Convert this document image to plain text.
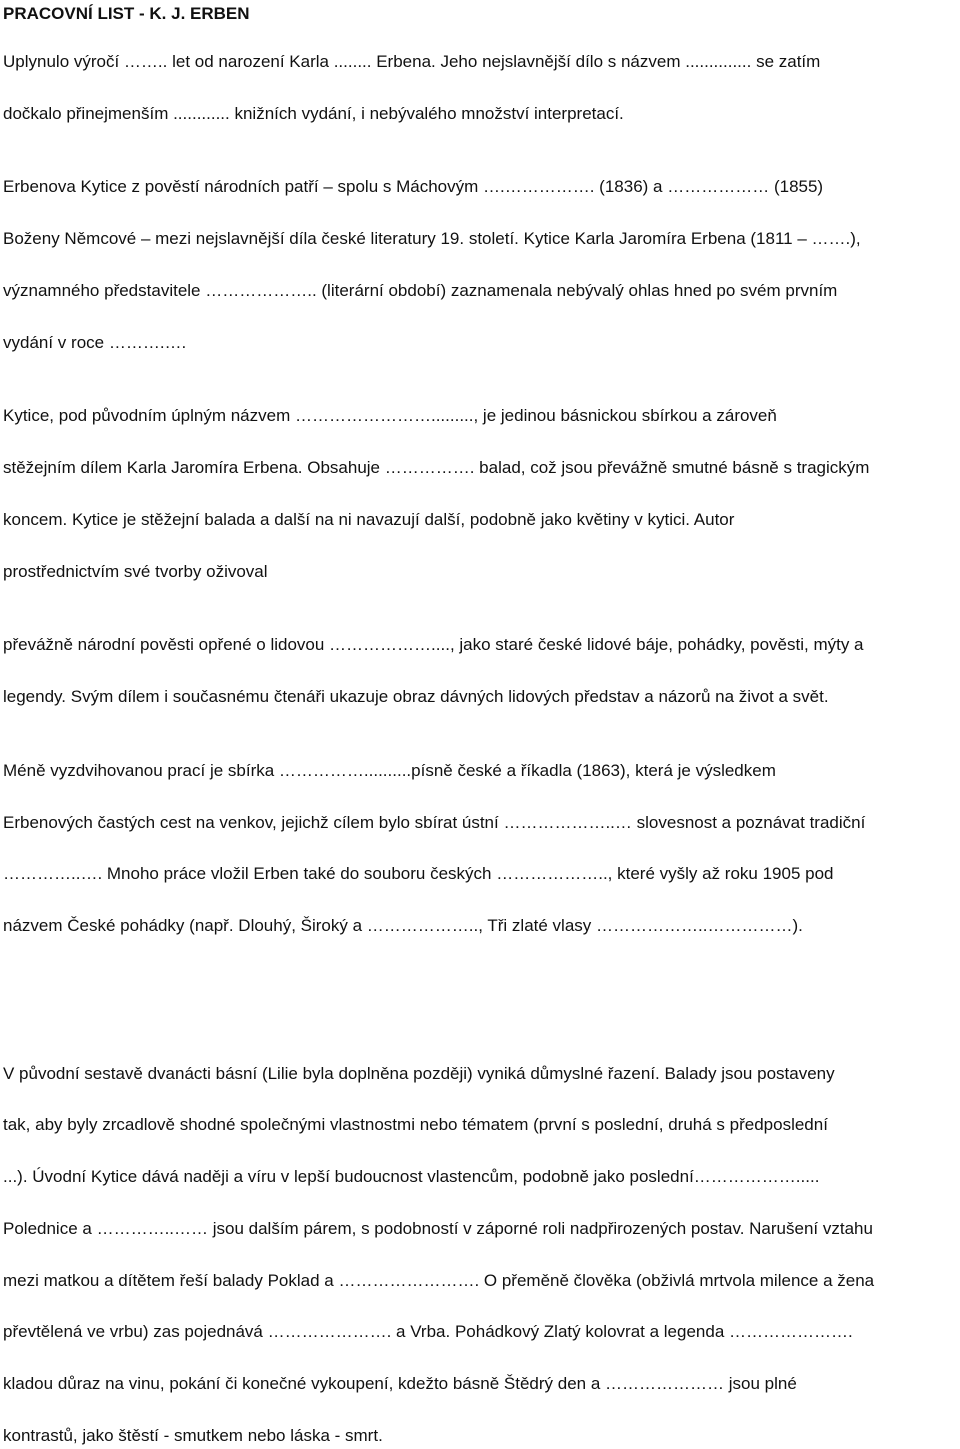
PRACOVNÍ LIST - K. J. ERBEN
Uplynulo výročí …….. let od narození Karla ........ Erbena. Jeho nejslavnější dílo s názvem .............. se zatím
dočkalo přinejmenším ............ knižních vydání, i nebývalého množství interpretací.
Erbenova Kytice z pověstí národních patří – spolu s Máchovým ….……………. (1836) a ……………… (1855)
Boženy Němcové – mezi nejslavnější díla české literatury 19. století. Kytice Karla Jaromíra Erbena (1811 – …….),
významného představitele ……………….. (literární období) zaznamenala nebývalý ohlas hned po svém prvním
vydání v roce ……….….
Kytice, pod původním úplným názvem ……………………........., je jedinou básnickou sbírkou a zároveň
stěžejním dílem Karla Jaromíra Erbena. Obsahuje ……………. balad, což jsou převážně smutné básně s tragickým
koncem. Kytice je stěžejní balada a další na ni navazují další, podobně jako květiny v kytici. Autor
prostřednictvím své tvorby oživoval
převážně národní pověsti opřené o lidovou ………………...., jako staré české lidové báje, pohádky, pověsti, mýty a
legendy. Svým dílem i současnému čtenáři ukazuje obraz dávných lidových představ a názorů na život a svět.
Méně vyzdvihovanou prací je sbírka ……………..........písně české a říkadla (1863), která je výsledkem
Erbenových častých cest na venkov, jejichž cílem bylo sbírat ústní ………………..… slovesnost a poznávat tradiční
…………..…. Mnoho práce vložil Erben také do souboru českých ……………….., které vyšly až roku 1905 pod
názvem České pohádky (např. Dlouhý, Široký a ……………….., Tři zlaté vlasy ………………..……………).
V původní sestavě dvanácti básní (Lilie byla doplněna později) vyniká důmyslné řazení. Balady jsou postaveny
tak, aby byly zrcadlově shodné společnými vlastnostmi nebo tématem (první s poslední, druhá s předposlední
...). Úvodní Kytice dává naději a víru v lepší budoucnost vlastencům, podobně jako poslední……………….....
Polednice a …………..…… jsou dalším párem, s podobností v záporné roli nadpřirozených postav. Narušení vztahu
mezi matkou a dítětem řeší balady Poklad a ……………………. O přeměně člověka (obživlá mrtvola milence a žena
převtělená ve vrbu) zas pojednává …………………. a Vrba. Pohádkový Zlatý kolovrat a legenda ………………….
kladou důraz na vinu, pokání či konečné vykoupení, kdežto básně Štědrý den a ………………… jsou plné
kontrastů, jako štěstí - smutkem nebo láska - smrt.
